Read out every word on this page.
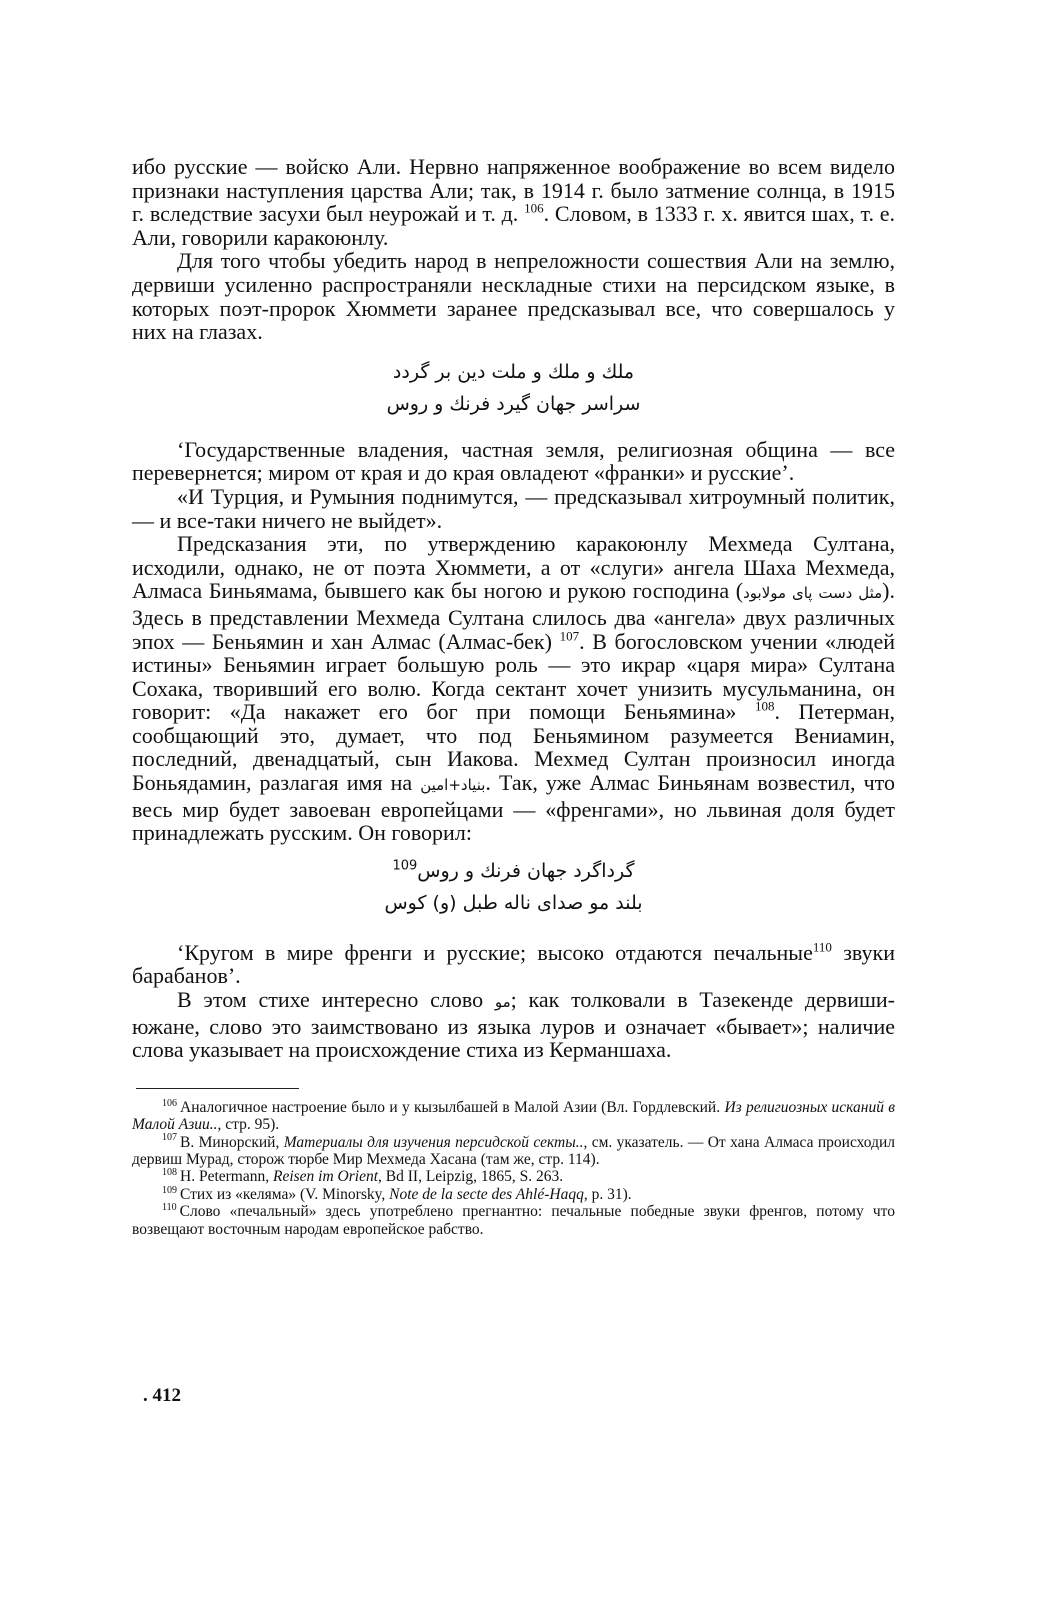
ибо русские — войско Али. Нервно напряженное воображение во всем видело признаки наступления царства Али; так, в 1914 г. было затмение солнца, в 1915 г. вследствие засухи был неурожай и т. д. $^{106}$. Словом, в 1333 г. х. явится шах, т. е. Али, говорили каракоюнлу.

Для того чтобы убедить народ в непреложности сошествия Али на землю, дервиши усиленно распространяли нескладные стихи на персидском языке, в которых поэт-пророк Хюммети заранее предсказывал все, что совершалось у них на глазах.

ملك و ملك و ملت دين بر گردد
سراسر جهان گیرد فرنك و روس

‘Государственные владения, частная земля, религиозная община — все перевернется; миром от края и до края овладеют «франки» и русские’.

«И Турция, и Румыния поднимутся, — предсказывал хитроумный политик, — и все-таки ничего не выйдет».

Предсказания эти, по утверждению каракоюнлу Мехмеда Султана, исходили, однако, не от поэта Хюммети, а от «слуги» ангела Шаха Мехмеда, Алмаса Биньямама, бывшего как бы ногою и рукою господина (مثل دست پای مولابود). Здесь в представлении Мехмеда Султана слилось два «ангела» двух различных эпох — Беньямин и хан Алмас (Алмас-бек) $^{107}$. В богословском учении «людей истины» Беньямин играет большую роль — это икрар «царя мира» Султана Сохака, творивший его волю. Когда сектант хочет унизить мусульманина, он говорит: «Да накажет его бог при помощи Беньямина» $^{108}$. Петерман, сообщающий это, думает, что под Беньямином разумеется Вениамин, последний, двенадцатый, сын Иакова. Мехмед Султан произносил иногда Боньядамин, разлагая имя на بنیاد+امین. Так, уже Алмас Биньянам возвестил, что весь мир будет завоеван европейцами — «френгами», но львиная доля будет принадлежать русским. Он говорил:

گرداگرد جهان فرنك و روس$^{109}$
بلند مو صدای ناله طبل (و) کوس

‘Кругом в мире френги и русские; высоко отдаются печальные$^{110}$ звуки барабанов’.

В этом стихе интересно слово مو; как толковали в Тазекенде дервиши-южане, слово это заимствовано из языка луров и означает «бывает»; наличие слова указывает на происхождение стиха из Керманшаха.

$^{106}$ Аналогичное настроение было и у кызылбашей в Малой Азии (Вл. Гордлевский. Из религиозных исканий в Малой Азии.., стр. 95).

$^{107}$ В. Минорский, Материалы для изучения персидской секты.., см. указатель. — От хана Алмаса происходил дервиш Мурад, сторож тюрбе Мир Мехмеда Хасана (там же, стр. 114).

$^{108}$ H. Petermann, Reisen im Orient, Bd II, Leipzig, 1865, S. 263.

$^{109}$ Стих из «келяма» (V. Minorsky, Note de la secte des Ahlé-Haqq, p. 31).

$^{110}$ Слово «печальный» здесь употреблено прегнантно: печальные победные звуки френгов, потому что возвещают восточным народам европейское рабство.

. 412
